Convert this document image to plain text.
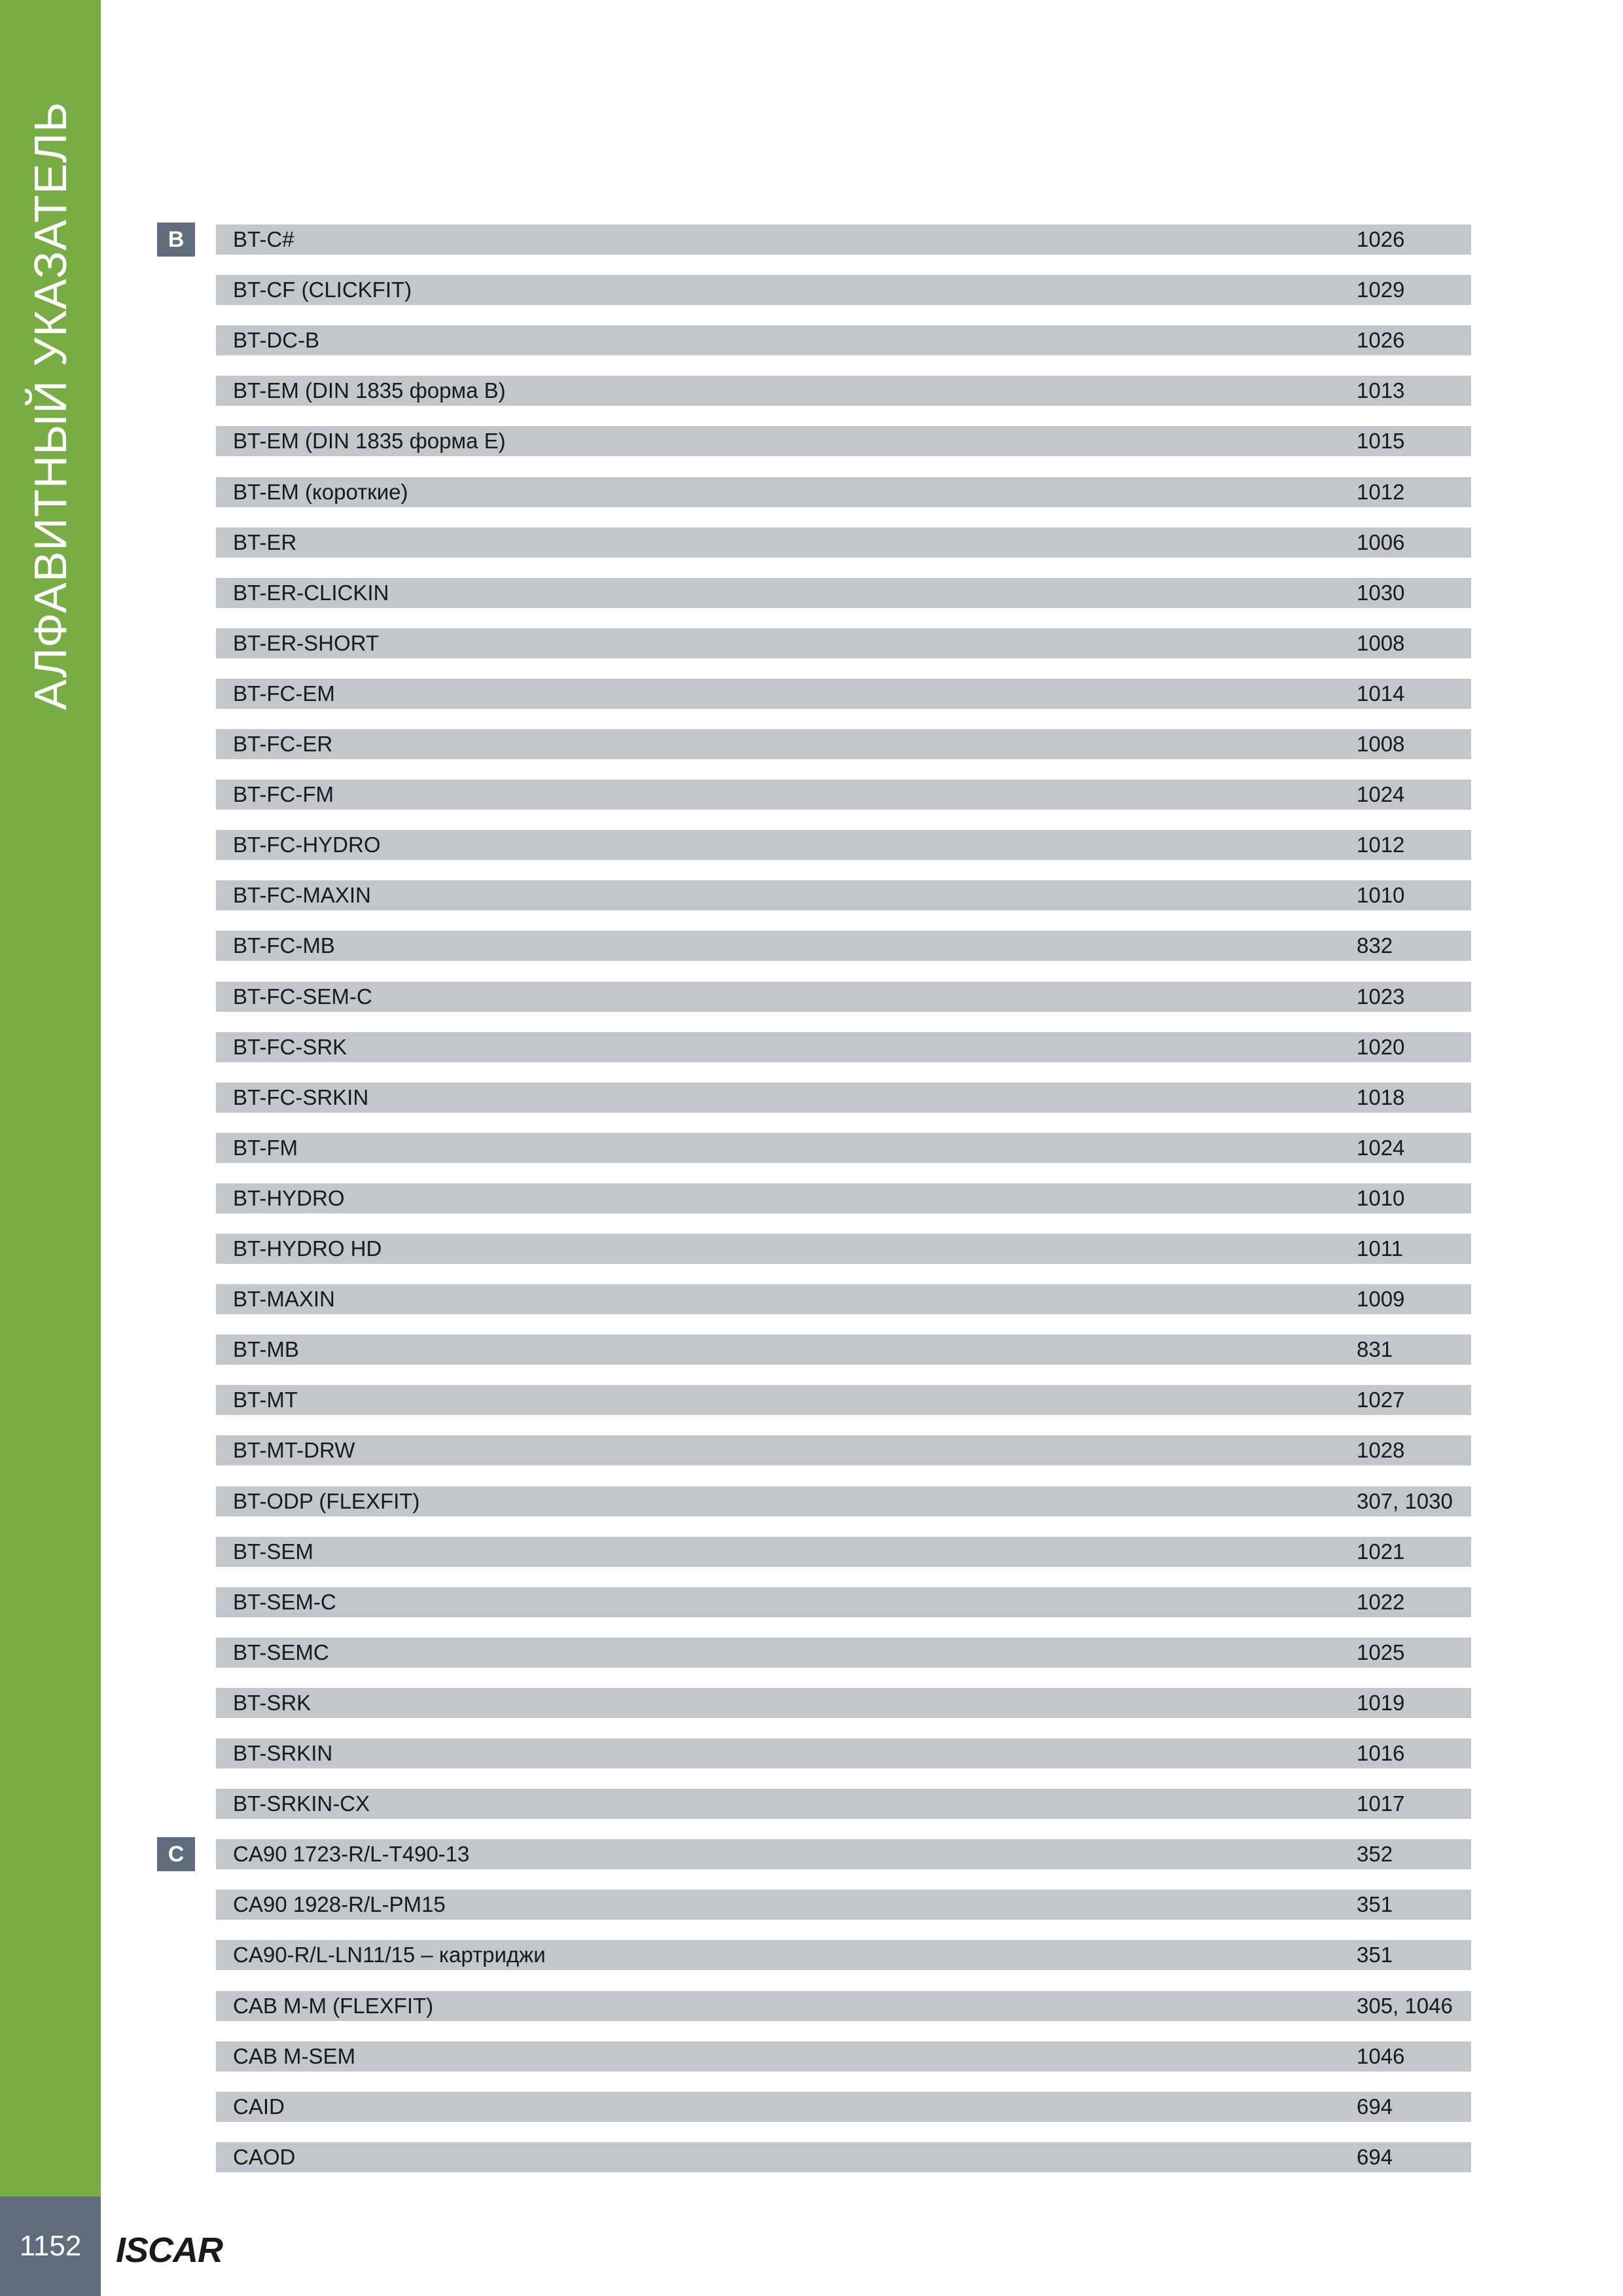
АЛФАВИТНЫЙ УКАЗАТЕЛЬ
1152 ISCAR
B	BT-C#	1026
BT-CF (CLICKFIT)	1029
BT-DC-B	1026
BT-EM (DIN 1835 форма B)	1013
BT-EM (DIN 1835 форма E)	1015
BT-EM (короткие)	1012
BT-ER	1006
BT-ER-CLICKIN	1030
BT-ER-SHORT	1008
BT-FC-EM	1014
BT-FC-ER	1008
BT-FC-FM	1024
BT-FC-HYDRO	1012
BT-FC-MAXIN	1010
BT-FC-MB	832
BT-FC-SEM-C	1023
BT-FC-SRK	1020
BT-FC-SRKIN	1018
BT-FM	1024
BT-HYDRO	1010
BT-HYDRO HD	1011
BT-MAXIN	1009
BT-MB	831
BT-MT	1027
BT-MT-DRW	1028
BT-ODP (FLEXFIT)	307, 1030
BT-SEM	1021
BT-SEM-C	1022
BT-SEMC	1025
BT-SRK	1019
BT-SRKIN	1016
BT-SRKIN-CX	1017
C	CA90 1723-R/L-T490-13	352
CA90 1928-R/L-PM15	351
CA90-R/L-LN11/15 – картриджи	351
CAB M-M (FLEXFIT)	305, 1046
CAB M-SEM	1046
CAID	694
CAOD	694
